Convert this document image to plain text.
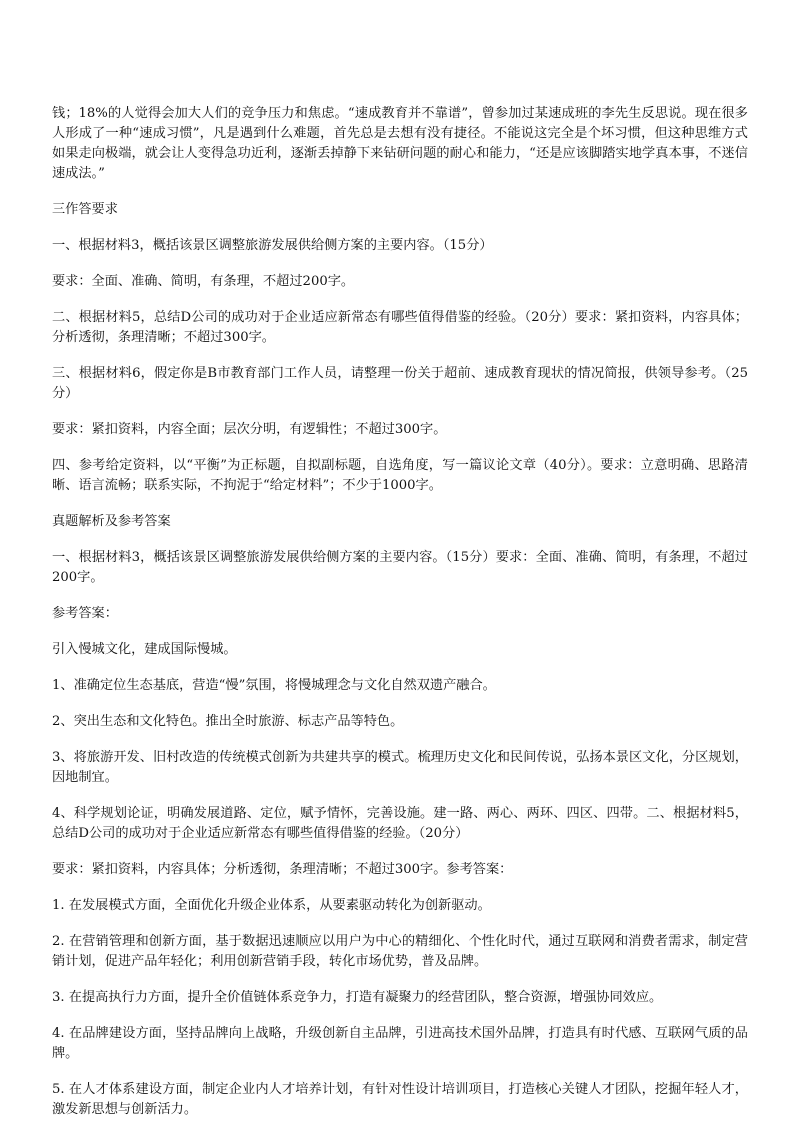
钱；18%的人觉得会加大人们的竞争压力和焦虑。“速成教育并不靠谱”，曾参加过某速成班的李先生反思说。现在很多人形成了一种“速成习惯”，凡是遇到什么难题，首先总是去想有没有捷径。不能说这完全是个坏习惯，但这种思维方式如果走向极端，就会让人变得急功近利，逐渐丢掉静下来钻研问题的耐心和能力，“还是应该脚踏实地学真本事，不迷信速成法。”

三作答要求

一、根据材料3，概括该景区调整旅游发展供给侧方案的主要内容。（15分）

要求：全面、准确、简明，有条理，不超过200字。

二、根据材料5，总结D公司的成功对于企业适应新常态有哪些值得借鉴的经验。（20分）要求：紧扣资料，内容具体；分析透彻，条理清晰；不超过300字。

三、根据材料6，假定你是B市教育部门工作人员，请整理一份关于超前、速成教育现状的情况简报，供领导参考。（25分）

要求：紧扣资料，内容全面；层次分明，有逻辑性；不超过300字。

四、参考给定资料，以“平衡”为正标题，自拟副标题，自选角度，写一篇议论文章（40分）。要求：立意明确、思路清晰、语言流畅；联系实际，不拘泥于“给定材料”；不少于1000字。

真题解析及参考答案

一、根据材料3，概括该景区调整旅游发展供给侧方案的主要内容。（15分）要求：全面、准确、简明，有条理，不超过200字。

参考答案：

引入慢城文化，建成国际慢城。

1、准确定位生态基底，营造“慢”氛围，将慢城理念与文化自然双遗产融合。

2、突出生态和文化特色。推出全时旅游、标志产品等特色。

3、将旅游开发、旧村改造的传统模式创新为共建共享的模式。梳理历史文化和民间传说，弘扬本景区文化，分区规划，因地制宜。

4、科学规划论证，明确发展道路、定位，赋予情怀，完善设施。建一路、两心、两环、四区、四带。二、根据材料5，总结D公司的成功对于企业适应新常态有哪些值得借鉴的经验。（20分）

要求：紧扣资料，内容具体；分析透彻，条理清晰；不超过300字。参考答案：

1. 在发展模式方面，全面优化升级企业体系，从要素驱动转化为创新驱动。

2. 在营销管理和创新方面，基于数据迅速顺应以用户为中心的精细化、个性化时代，通过互联网和消费者需求，制定营销计划，促进产品年轻化；利用创新营销手段，转化市场优势，普及品牌。

3. 在提高执行力方面，提升全价值链体系竞争力，打造有凝聚力的经营团队，整合资源，增强协同效应。

4. 在品牌建设方面，坚持品牌向上战略，升级创新自主品牌，引进高技术国外品牌，打造具有时代感、互联网气质的品牌。

5. 在人才体系建设方面，制定企业内人才培养计划，有针对性设计培训项目，打造核心关键人才团队，挖掘年轻人才，激发新思想与创新活力。
